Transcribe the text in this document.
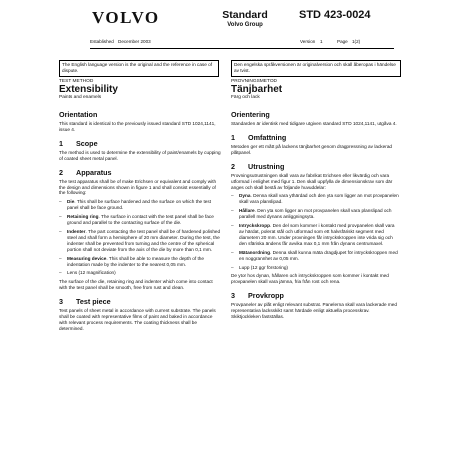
VOLVO	Standard
Volvo Group
STD 423-0024
Established December 2003	Version 1	Page 1(2)
The English language version is the original and the reference in case of dispute.
Den engelska språkversionen är originalversion och skall åberopas i händelse av tvist.
TEST METHOD
Extensibility
Paints and enamels
Orientation
This standard is identical to the previously issued standard STD 1024,1141, issue 4.
1 Scope
The method is used to determine the extensibility of paint/enamels by cupping of coated sheet metal panel.
2 Apparatus
The test apparatus shall be of make Erichsen or equivalent and comply with the design and dimensions shown in figure 1 and shall consist essentially of the following:
– Die. This shall be surface hardened and the surface on which the test panel shall be face ground.
– Retaining ring. The surface in contact with the test panel shall be face ground and parallel to the contacting surface of the die.
– Indenter. The part contacting the test panel shall be of hardened polished steel and shall form a hemisphere of 20 mm diameter. During the test, the indenter shall be prevented from turning and the centre of the spherical portion shall not deviate from the axis of the die by more than 0,1 mm.
– Measuring device. This shall be able to measure the depth of the indentation made by the indenter to the nearest 0,05 mm.
– Lens (12 magnification)
The surface of the die, retaining ring and indenter which come into contact with the test panel shall be smooth, free from rust and clean.
3 Test piece
Test panels of sheet metal in accordance with current substrate. The panels shall be coated with representative films of paint and baked in accordance with relevant process requirements. The coating thickness shall be determined.
PROVNINGSMETOD
Tänjbarhet
Färg och lack
Orientering
Standarden är identisk med tidigare utgiven standard STD 1024,1141, utgåva 4.
1 Omfattning
Metoden ger ett mått på lackens tänjbarhet genom dragpressning av lackerad plåtpanel.
2 Utrustning
Provningsutrustningen skall vara av fabrikat Erichsen eller likvärdig och vara utformad i enlighet med figur 1. Den skall uppfylla de dimensionskrav som där anges och skall bestå av följande huvuddelar:
– Dyna. Denna skall vara ythärdad och den yta som ligger an mot provpanelen skall vara planslipad.
– Hållare. Den yta som ligger an mot provpanelen skall vara planslipad och parallell med dynans anliggningsyta.
– Intryckskropp. Den del som kommer i kontakt med provpanelen skall vara av härdat, polerat stål och utformad som ett halvsfäriskt segment med diametern 20 mm. Under provningen får intryckskroppen inte vrida sig och den sfäriska ändens får avvika max 0,1 mm från dynans centrumaxel.
– Mätanordning. Denna skall kunna mäta dragdjupet för intryckskroppen med en noggrannhet av 0,05 mm.
– Lupp (12 ggr förstoring)
De ytor hos dynan, hållaren och intryckskroppen som kommer i kontakt med provpanelen skall vara jämna, fria från rost och rena.
3 Provkropp
Provpaneler av plåt enligt relevant substrat. Panelerna skall vara lackerade med representativa lacksskikt samt härdade enligt aktuella processkrav. Skiktjockleken fastställas.
